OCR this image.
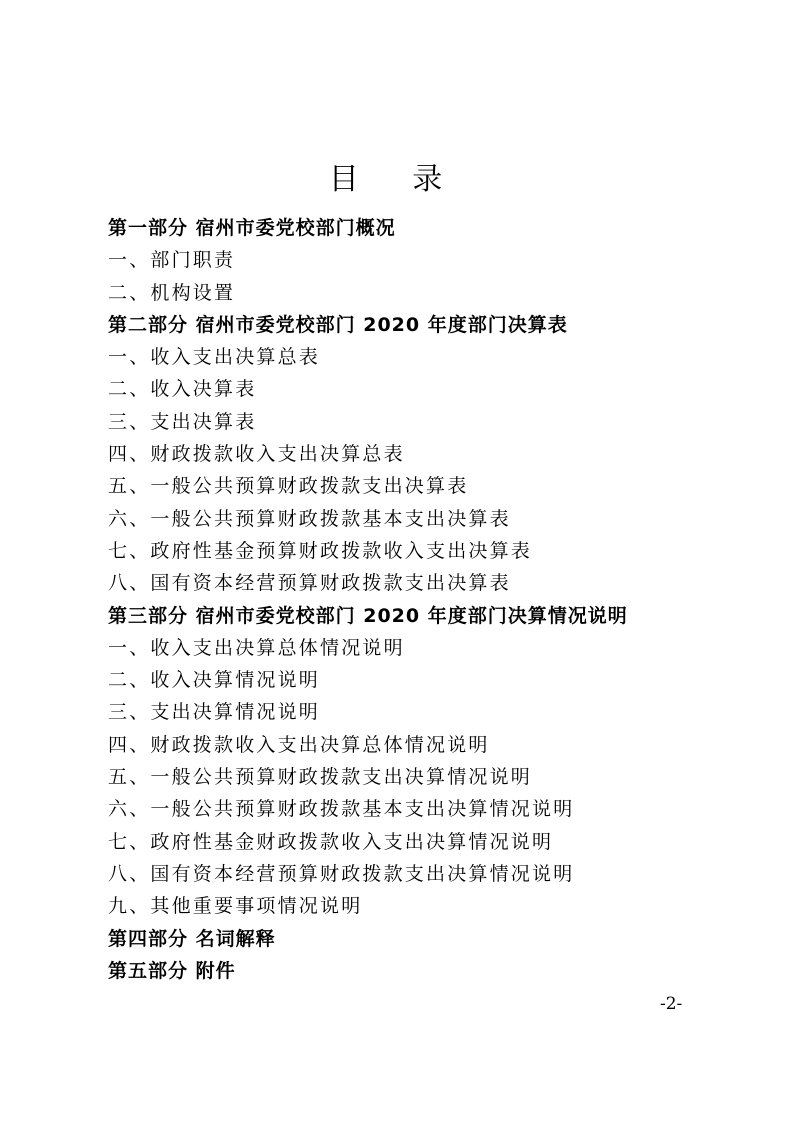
目 录
第一部分 宿州市委党校部门概况
一、部门职责
二、机构设置
第二部分 宿州市委党校部门 2020 年度部门决算表
一、收入支出决算总表
二、收入决算表
三、支出决算表
四、财政拨款收入支出决算总表
五、一般公共预算财政拨款支出决算表
六、一般公共预算财政拨款基本支出决算表
七、政府性基金预算财政拨款收入支出决算表
八、国有资本经营预算财政拨款支出决算表
第三部分 宿州市委党校部门 2020 年度部门决算情况说明
一、收入支出决算总体情况说明
二、收入决算情况说明
三、支出决算情况说明
四、财政拨款收入支出决算总体情况说明
五、一般公共预算财政拨款支出决算情况说明
六、一般公共预算财政拨款基本支出决算情况说明
七、政府性基金财政拨款收入支出决算情况说明
八、国有资本经营预算财政拨款支出决算情况说明
九、其他重要事项情况说明
第四部分 名词解释
第五部分 附件
-2-
